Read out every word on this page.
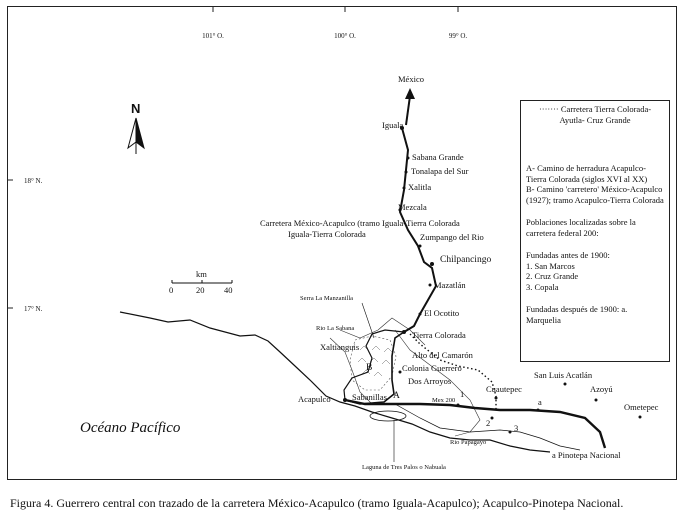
101° O.	100° O.	99° O.
18° N.
17° N.
N
México
km
0	20 40
Iguala
Sabana Grande
Tonalapa del Sur
Xalitla
Mezcala
Carretera México-Acapulco (tramo Iguala-Tierra Colorada
Iguala-Tierra Colorada	Zumpango del Rio
Chilpancingo
Mazatlán
El Ocotito
Tierra Colorada
Serra La Manzanilla
Rio La Sabana
Xaltianguis
Alto del Camarón
Colonia Guerrero
Dos Arroyos
B
A
Acapulco	Sabanillas	Mex 200
1
2	3
a
San Luis Acatlán
Cuautepec	Azoyú
Ometepec
Rio Papagayo
Laguna de Tres Palos o Nabuala
a Pinotepa Nacional
Océano Pacífico

······· Carretera Tierra Colorada-

Ayutla- Cruz Grande

A- Camino de herradura Acapulco-Tierra Colorada (siglos XVI al XX)

B- Camino 'carretero' México-Acapulco (1927); tramo Acapulco-Tierra Colorada

Poblaciones localizadas sobre la carretera federal 200:

Fundadas antes de 1900:

1. San Marcos

2. Cruz Grande

3. Copala

Fundadas después de 1900: a. Marquelia

Figura 4. Guerrero central con trazado de la carretera México-Acapulco (tramo Iguala-Acapulco); Acapulco-Pinotepa Nacional.
